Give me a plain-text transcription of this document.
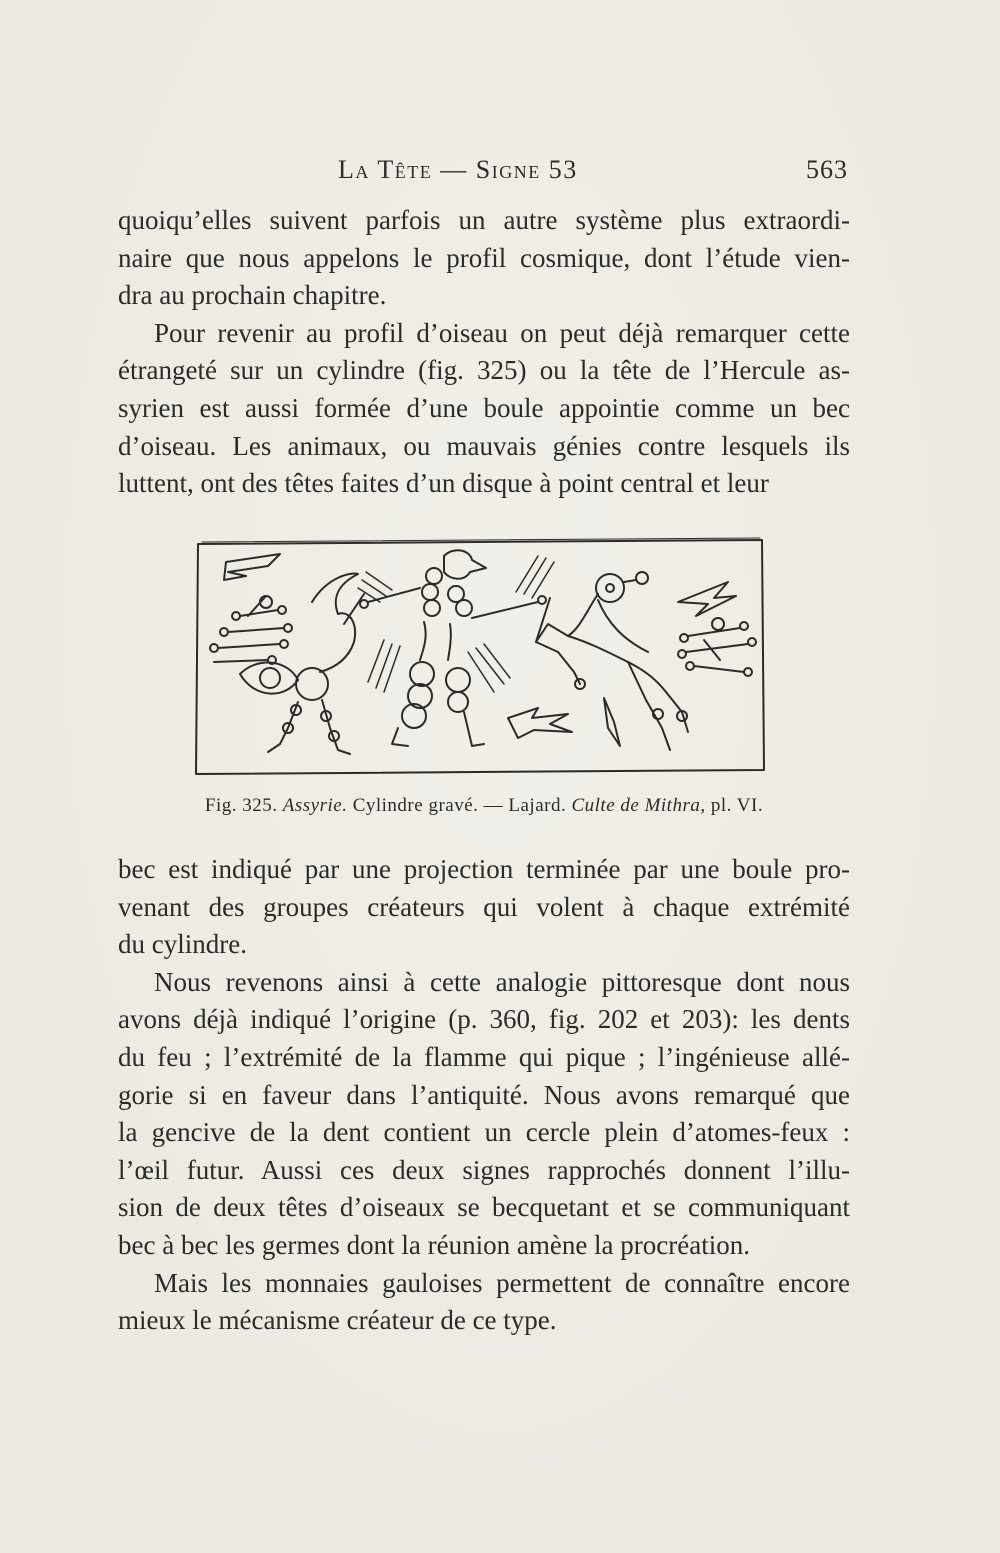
La Tête — Signe 53	563

quoiqu’elles suivent parfois un autre système plus extraordi-
naire que nous appelons le profil cosmique, dont l’étude vien-
dra au prochain chapitre.

Pour revenir au profil d’oiseau on peut déjà remarquer cette
étrangeté sur un cylindre (fig. 325) ou la tête de l’Hercule as-
syrien est aussi formée d’une boule appointie comme un bec
d’oiseau. Les animaux, ou mauvais génies contre lesquels ils
luttent, ont des têtes faites d’un disque à point central et leur

Fig. 325. Assyrie. Cylindre gravé. — Lajard. Culte de Mithra, pl. VI.

bec est indiqué par une projection terminée par une boule pro-
venant des groupes créateurs qui volent à chaque extrémité
du cylindre.

Nous revenons ainsi à cette analogie pittoresque dont nous
avons déjà indiqué l’origine (p. 360, fig. 202 et 203): les dents
du feu ; l’extrémité de la flamme qui pique ; l’ingénieuse allé-
gorie si en faveur dans l’antiquité. Nous avons remarqué que
la gencive de la dent contient un cercle plein d’atomes-feux :
l’œil futur. Aussi ces deux signes rapprochés donnent l’illu-
sion de deux têtes d’oiseaux se becquetant et se communiquant
bec à bec les germes dont la réunion amène la procréation.

Mais les monnaies gauloises permettent de connaître encore
mieux le mécanisme créateur de ce type.
